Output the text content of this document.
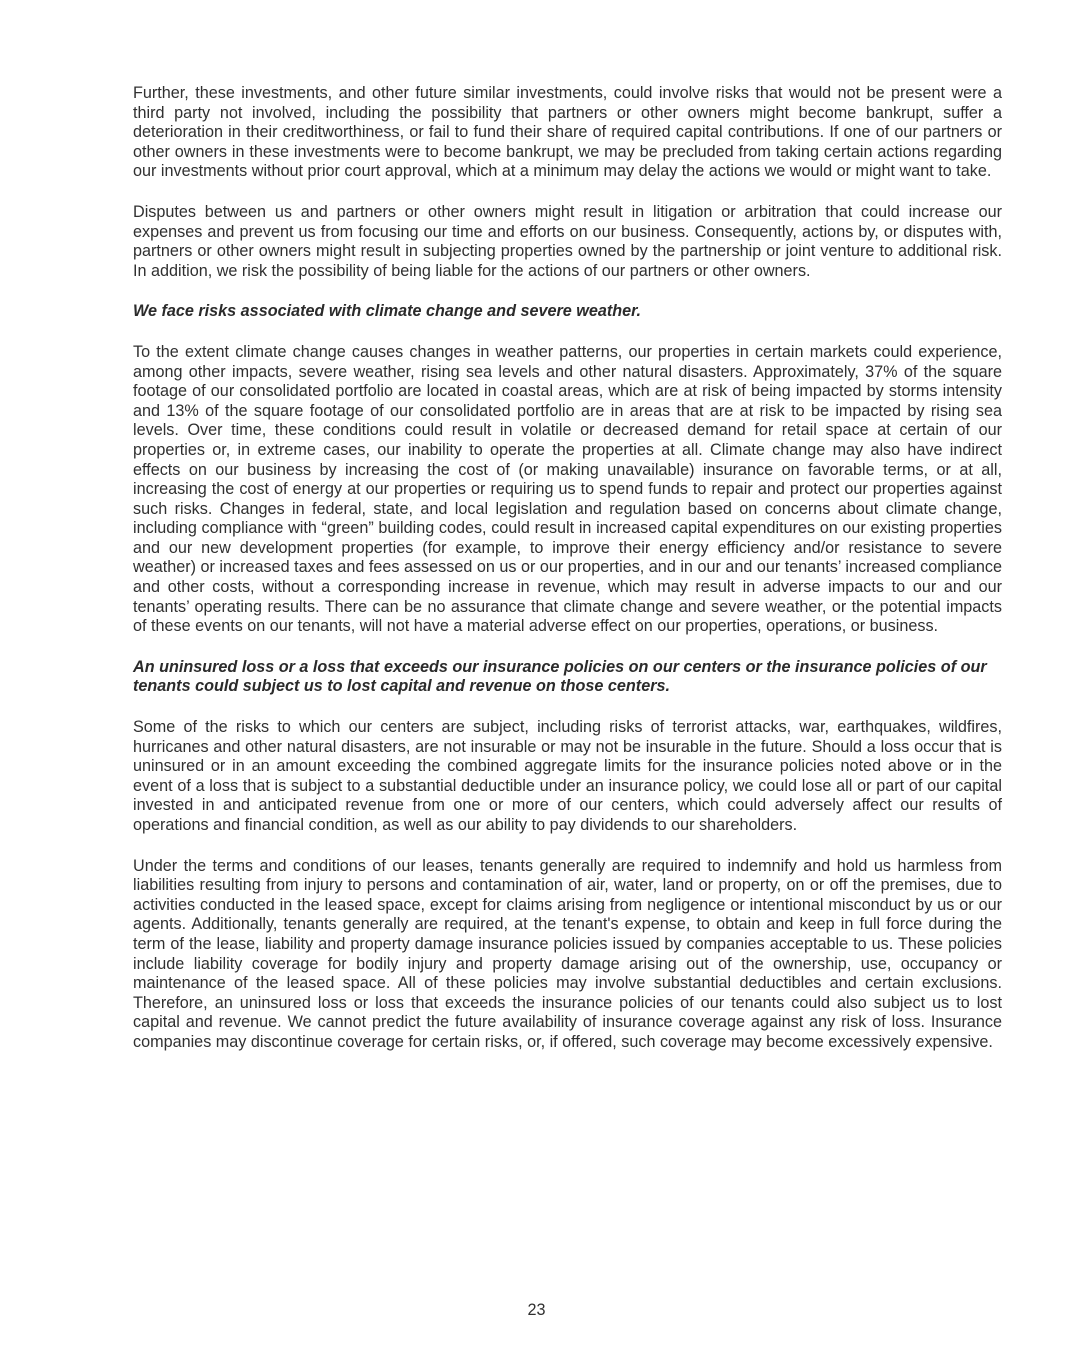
Further, these investments, and other future similar investments, could involve risks that would not be present were a third party not involved, including the possibility that partners or other owners might become bankrupt, suffer a deterioration in their creditworthiness, or fail to fund their share of required capital contributions. If one of our partners or other owners in these investments were to become bankrupt, we may be precluded from taking certain actions regarding our investments without prior court approval, which at a minimum may delay the actions we would or might want to take.

Disputes between us and partners or other owners might result in litigation or arbitration that could increase our expenses and prevent us from focusing our time and efforts on our business. Consequently, actions by, or disputes with, partners or other owners might result in subjecting properties owned by the partnership or joint venture to additional risk. In addition, we risk the possibility of being liable for the actions of our partners or other owners.

We face risks associated with climate change and severe weather.

To the extent climate change causes changes in weather patterns, our properties in certain markets could experience, among other impacts, severe weather, rising sea levels and other natural disasters. Approximately, 37% of the square footage of our consolidated portfolio are located in coastal areas, which are at risk of being impacted by storms intensity and 13% of the square footage of our consolidated portfolio are in areas that are at risk to be impacted by rising sea levels. Over time, these conditions could result in volatile or decreased demand for retail space at certain of our properties or, in extreme cases, our inability to operate the properties at all. Climate change may also have indirect effects on our business by increasing the cost of (or making unavailable) insurance on favorable terms, or at all, increasing the cost of energy at our properties or requiring us to spend funds to repair and protect our properties against such risks. Changes in federal, state, and local legislation and regulation based on concerns about climate change, including compliance with “green” building codes, could result in increased capital expenditures on our existing properties and our new development properties (for example, to improve their energy efficiency and/or resistance to severe weather) or increased taxes and fees assessed on us or our properties, and in our and our tenants’ increased compliance and other costs, without a corresponding increase in revenue, which may result in adverse impacts to our and our tenants’ operating results. There can be no assurance that climate change and severe weather, or the potential impacts of these events on our tenants, will not have a material adverse effect on our properties, operations, or business.

An uninsured loss or a loss that exceeds our insurance policies on our centers or the insurance policies of our tenants could subject us to lost capital and revenue on those centers.

Some of the risks to which our centers are subject, including risks of terrorist attacks, war, earthquakes, wildfires, hurricanes and other natural disasters, are not insurable or may not be insurable in the future. Should a loss occur that is uninsured or in an amount exceeding the combined aggregate limits for the insurance policies noted above or in the event of a loss that is subject to a substantial deductible under an insurance policy, we could lose all or part of our capital invested in and anticipated revenue from one or more of our centers, which could adversely affect our results of operations and financial condition, as well as our ability to pay dividends to our shareholders.

Under the terms and conditions of our leases, tenants generally are required to indemnify and hold us harmless from liabilities resulting from injury to persons and contamination of air, water, land or property, on or off the premises, due to activities conducted in the leased space, except for claims arising from negligence or intentional misconduct by us or our agents. Additionally, tenants generally are required, at the tenant's expense, to obtain and keep in full force during the term of the lease, liability and property damage insurance policies issued by companies acceptable to us. These policies include liability coverage for bodily injury and property damage arising out of the ownership, use, occupancy or maintenance of the leased space. All of these policies may involve substantial deductibles and certain exclusions. Therefore, an uninsured loss or loss that exceeds the insurance policies of our tenants could also subject us to lost capital and revenue. We cannot predict the future availability of insurance coverage against any risk of loss. Insurance companies may discontinue coverage for certain risks, or, if offered, such coverage may become excessively expensive.

23
